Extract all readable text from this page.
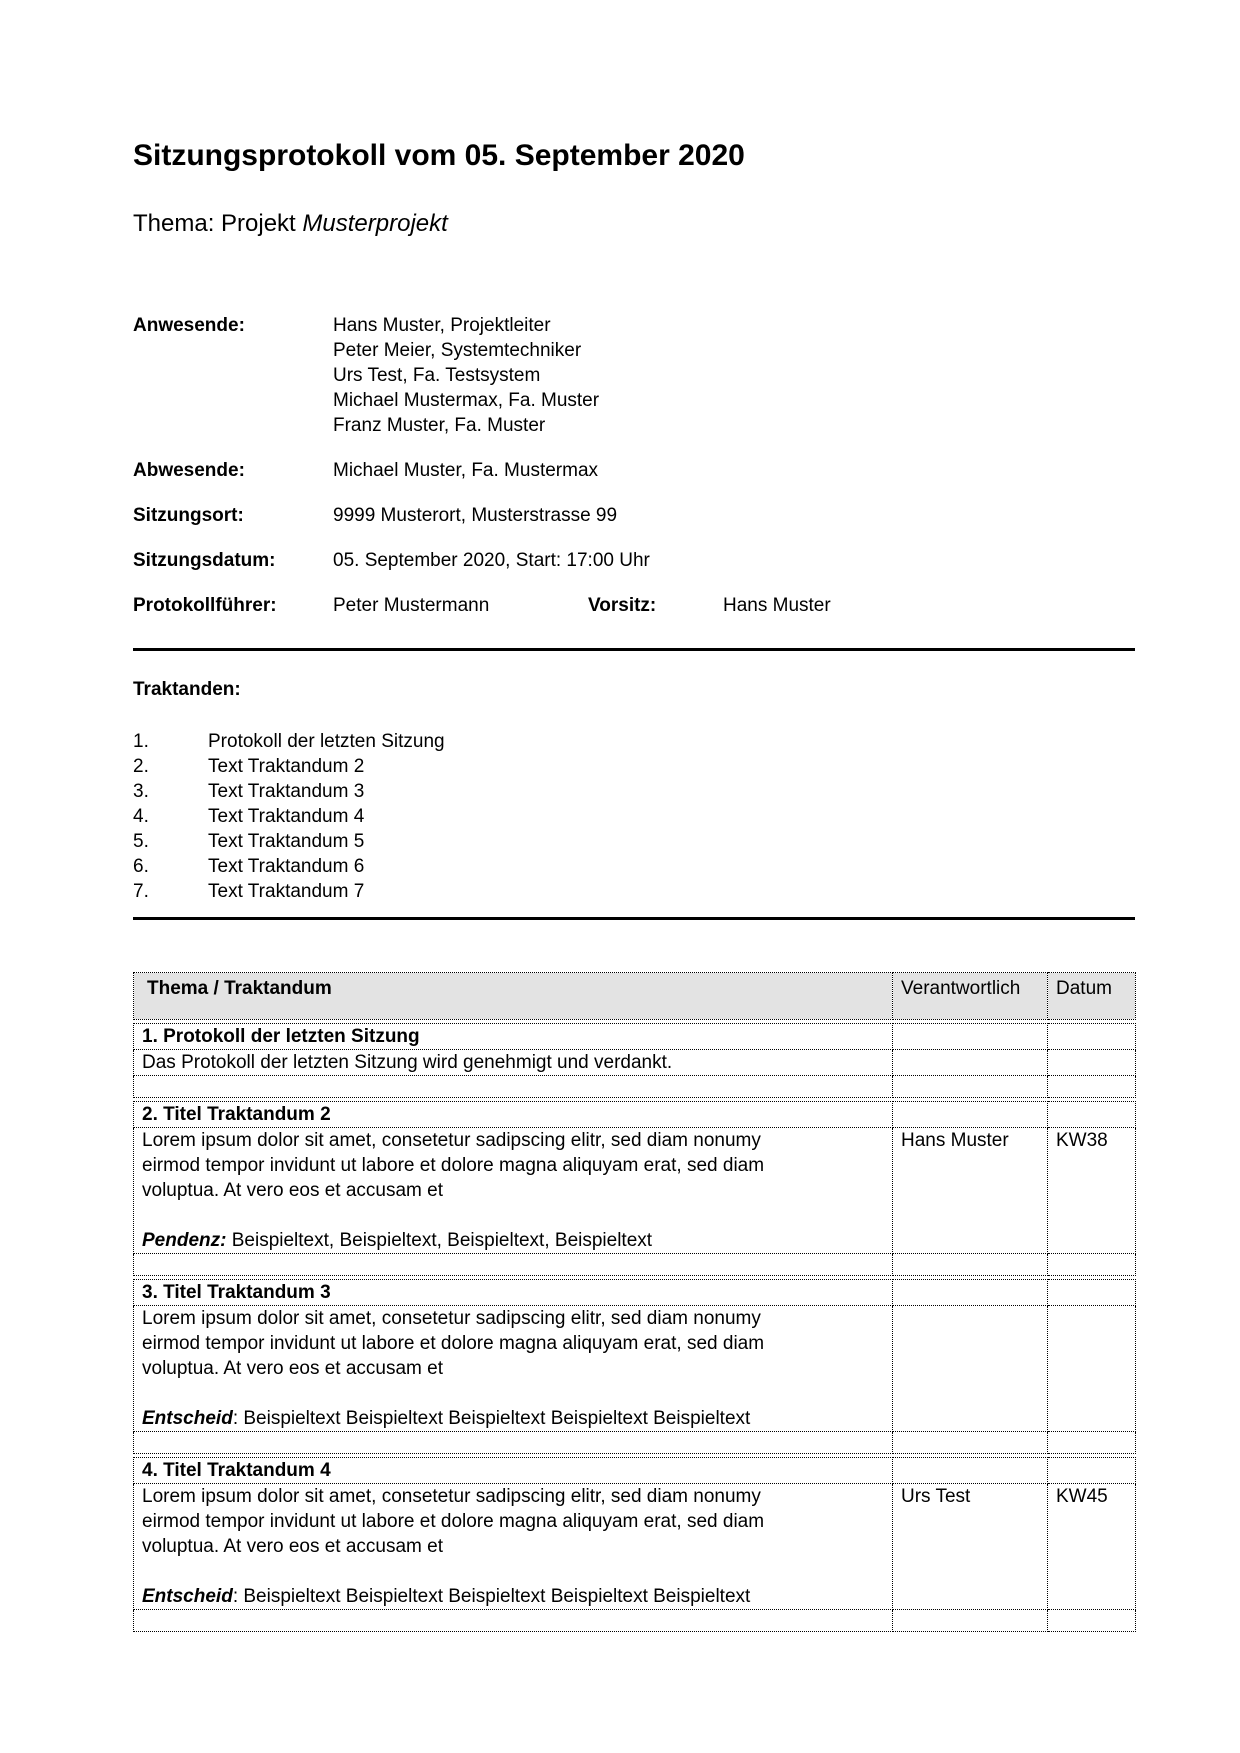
Sitzungsprotokoll vom 05. September 2020
Thema: Projekt Musterprojekt
Anwesende:	Hans Muster, Projektleiter
Peter Meier, Systemtechniker
Urs Test, Fa. Testsystem
Michael Mustermax, Fa. Muster
Franz Muster, Fa. Muster
Abwesende:	Michael Muster, Fa. Mustermax
Sitzungsort:	9999 Musterort, Musterstrasse 99
Sitzungsdatum:	05. September 2020, Start: 17:00 Uhr
Protokollführer:	Peter Mustermann	Vorsitz:	Hans Muster
Traktanden:
1.	Protokoll der letzten Sitzung
2.	Text Traktandum 2
3.	Text Traktandum 3
4.	Text Traktandum 4
5.	Text Traktandum 5
6.	Text Traktandum 6
7.	Text Traktandum 7
Thema / Traktandum	Verantwortlich	Datum
1. Protokoll der letzten Sitzung		
Das Protokoll der letzten Sitzung wird genehmigt und verdankt.		

2. Titel Traktandum 2		

Lorem ipsum dolor sit amet, consetetur sadipscing elitr, sed diam nonumy
eirmod tempor invidunt ut labore et dolore magna aliquyam erat, sed diam
voluptua. At vero eos et accusam et
Pendenz: Beispieltext, Beispieltext, Beispieltext, Beispieltext	Hans Muster	KW38

3. Titel Traktandum 3		

Lorem ipsum dolor sit amet, consetetur sadipscing elitr, sed diam nonumy
eirmod tempor invidunt ut labore et dolore magna aliquyam erat, sed diam
voluptua. At vero eos et accusam et
Entscheid: Beispieltext Beispieltext Beispieltext Beispieltext Beispieltext		

4. Titel Traktandum 4		

Lorem ipsum dolor sit amet, consetetur sadipscing elitr, sed diam nonumy
eirmod tempor invidunt ut labore et dolore magna aliquyam erat, sed diam
voluptua. At vero eos et accusam et
Entscheid: Beispieltext Beispieltext Beispieltext Beispieltext Beispieltext	Urs Test	KW45
